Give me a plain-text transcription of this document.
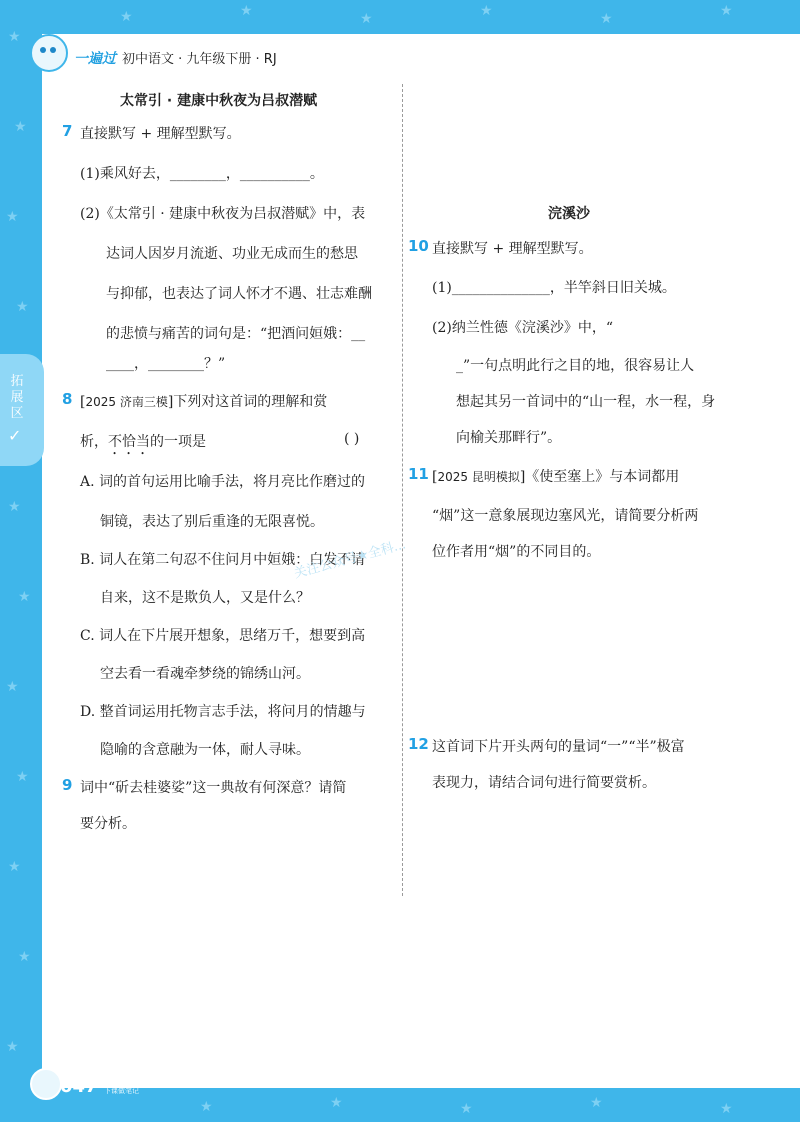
★
★
★
★
★
★
★
★
★
★
★
★	★	★	★	★	★
★	★	★	★	★
一遍过 初中语文 · 九年级下册 · RJ
拓展区
✓
太常引 · 建康中秋夜为吕叔潜赋
7 直接默写 + 理解型默写。
(1)乘风好去，________，__________。
(2)《太常引 · 建康中秋夜为吕叔潜赋》中，表
达词人因岁月流逝、功业无成而生的愁思
与抑郁，也表达了词人怀才不遇、壮志难酬
的悲愤与痛苦的词句是：“把酒问姮娥：__
____，________？”
8 [2025 济南三模]下列对这首词的理解和赏
析，不恰当的一项是	( )
A. 词的首句运用比喻手法，将月亮比作磨过的
铜镜，表达了别后重逢的无限喜悦。
B. 词人在第二句忍不住问月中姮娥：白发不请
自来，这不是欺负人，又是什么？
C. 词人在下片展开想象，思绪万千，想要到高
空去看一看魂牵梦绕的锦绣山河。
D. 整首词运用托物言志手法，将问月的情趣与
隐喻的含意融为一体，耐人寻味。
9 词中“斫去桂婆娑”这一典故有何深意？请简
要分析。
浣溪沙
10 直接默写 + 理解型默写。
(1)______________，半竿斜日旧关城。
(2)纳兰性德《浣溪沙》中，“
_”一句点明此行之目的地，很容易让人
想起其另一首词中的“山一程，水一程，身
向榆关那畔行”。
11 [2025 昆明模拟]《使至塞上》与本词都用
“烟”这一意象展现边塞风光，请简要分析两
位作者用“烟”的不同目的。
12 这首词下片开头两句的量词“一”“半”极富
表现力，请结合词句进行简要赏析。
关注公众号★全科...
047 上课认真听
下课做笔记
